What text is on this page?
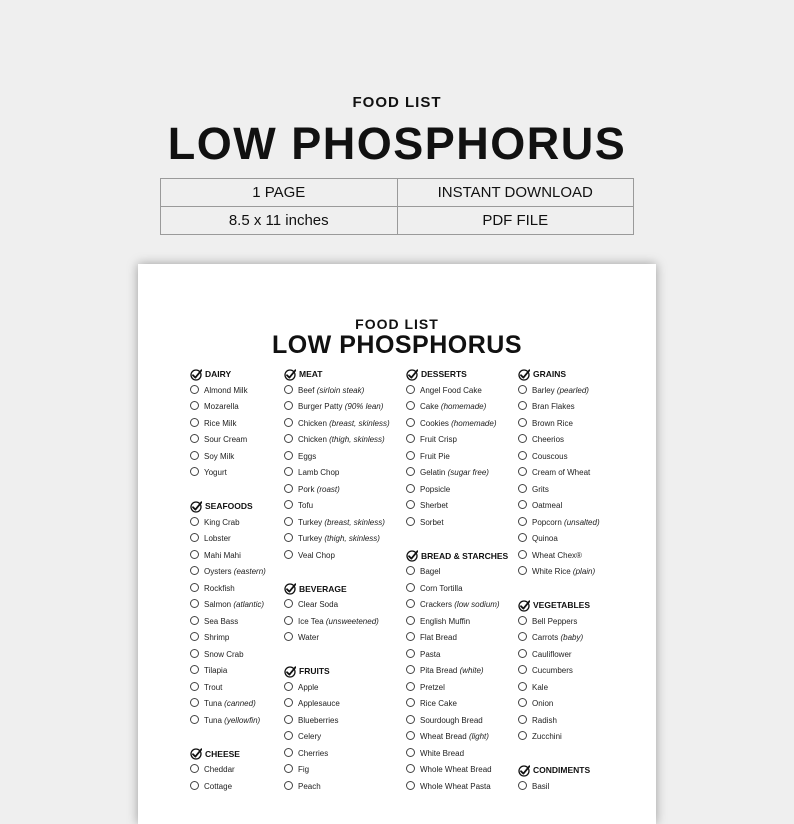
FOOD LIST
LOW PHOSPHORUS
1 PAGE	INSTANT DOWNLOAD
8.5 x 11 inches	PDF FILE
FOOD LIST
LOW PHOSPHORUS
DAIRY
Almond Milk
Mozarella
Rice Milk
Sour Cream
Soy Milk
Yogurt
SEAFOODS
King Crab
Lobster
Mahi Mahi
Oysters (eastern)
Rockfish
Salmon (atlantic)
Sea Bass
Shrimp
Snow Crab
Tilapia
Trout
Tuna (canned)
Tuna (yellowfin)
CHEESE
Cheddar
Cottage
MEAT
Beef (sirloin steak)
Burger Patty (90% lean)
Chicken (breast, skinless)
Chicken (thigh, skinless)
Eggs
Lamb Chop
Pork (roast)
Tofu
Turkey (breast, skinless)
Turkey (thigh, skinless)
Veal Chop
BEVERAGE
Clear Soda
Ice Tea (unsweetened)
Water
FRUITS
Apple
Applesauce
Blueberries
Celery
Cherries
Fig
Peach
DESSERTS
Angel Food Cake
Cake (homemade)
Cookies (homemade)
Fruit Crisp
Fruit Pie
Gelatin (sugar free)
Popsicle
Sherbet
Sorbet
BREAD & STARCHES
Bagel
Corn Tortilla
Crackers (low sodium)
English Muffin
Flat Bread
Pasta
Pita Bread (white)
Pretzel
Rice Cake
Sourdough Bread
Wheat Bread (light)
White Bread
Whole Wheat Bread
Whole Wheat Pasta
GRAINS
Barley (pearled)
Bran Flakes
Brown Rice
Cheerios
Couscous
Cream of Wheat
Grits
Oatmeal
Popcorn (unsalted)
Quinoa
Wheat Chex®
White Rice (plain)
VEGETABLES
Bell Peppers
Carrots (baby)
Cauliflower
Cucumbers
Kale
Onion
Radish
Zucchini
CONDIMENTS
Basil
